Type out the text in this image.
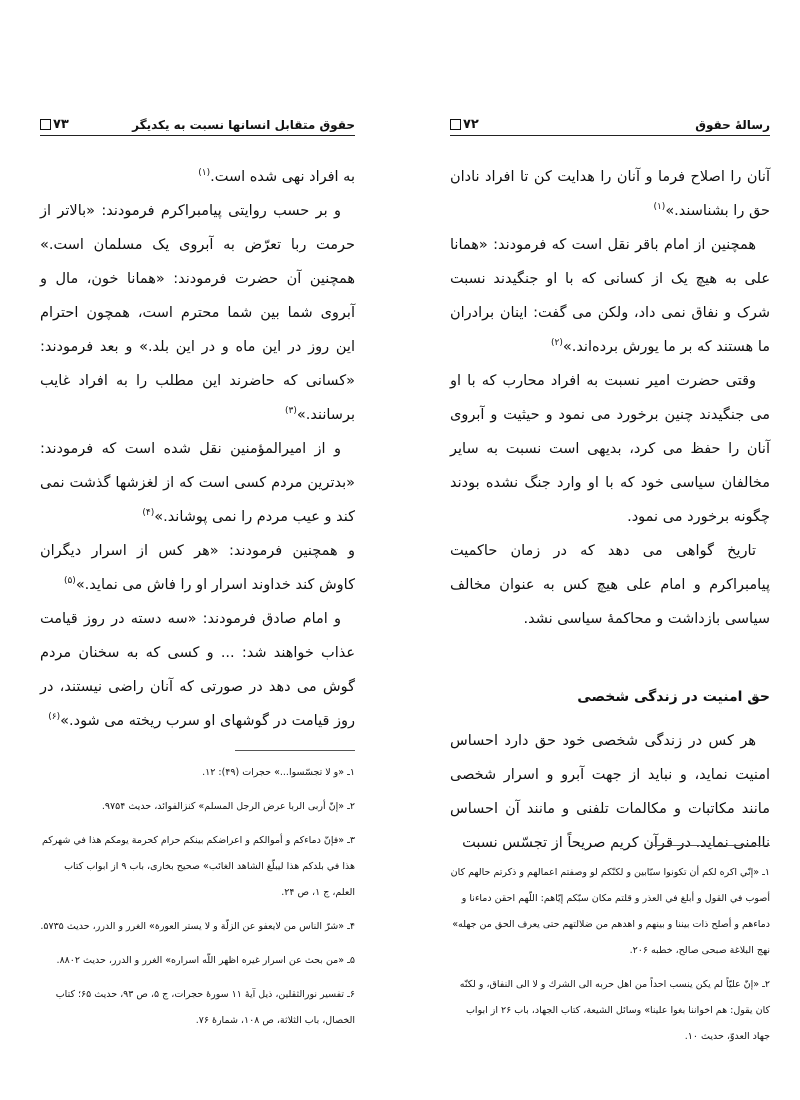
رسالهٔ حقوق
۷۲

آنان را اصلاح فرما و آنان را هدایت کن تا افراد نادان حق را بشناسند.»$^{(۱)}$

همچنین از امام باقر نقل است که فرمودند: «همانا علی به هیچ یک از کسانی که با او جنگیدند نسبت شرک و نفاق نمی داد، ولکن می گفت: اینان برادران ما هستند که بر ما یورش برده‌اند.»$^{(۲)}$

وقتی حضرت امیر نسبت به افراد محارب که با او می جنگیدند چنین برخورد می نمود و حیثیت و آبروی آنان را حفظ می کرد، بدیهی است نسبت به سایر مخالفان سیاسی خود که با او وارد جنگ نشده بودند چگونه برخورد می نمود.

تاریخ گواهی می دهد که در زمان حاکمیت پیامبراکرم و امام علی هیچ کس به عنوان مخالف سیاسی بازداشت و محاکمهٔ سیاسی نشد.

حق امنیت در زندگی شخصی

هر کس در زندگی شخصی خود حق دارد احساس امنیت نماید، و نباید از جهت آبرو و اسرار شخصی مانند مکاتبات و مکالمات تلفنی و مانند آن احساس ناامنی نماید. در قرآن کریم صریحاً از تجسّس نسبت

۱ـ «إنّي اكره لكم أن تكونوا سبّابين و لكنّكم لو وصفتم اعمالهم و ذكرتم حالهم كان أصوب في القول و أبلغ في العذر و قلتم مكان سبّكم إيّاهم: اللّهم احقن دماءنا و دماءهم و أصلح ذات بيننا و بينهم و اهدهم من ضلالتهم حتى يعرف الحق من جهله» نهج البلاغة صبحی صالح، خطبه ۲۰۶.

۲ـ «إنّ عليّاً لم يكن ينسب احداً من اهل حربه الى الشرك و لا الى النفاق، و لكنّه كان يقول: هم اخواننا بغوا علينا» وسائل الشيعة، كتاب الجهاد، باب ۲۶ از ابواب جهاد العدوّ، حديث ۱۰.

حقوق متقابل انسانها نسبت به یکدیگر
۷۳

به افراد نهی شده است.$^{(۱)}$

و بر حسب روایتی پیامبراکرم فرمودند: «بالاتر از حرمت ربا تعرّض به آبروی یک مسلمان است.» همچنین آن حضرت فرمودند: «همانا خون، مال و آبروی شما بین شما محترم است، همچون احترام این روز در این ماه و در این بلد.» و بعد فرمودند: «کسانی که حاضرند این مطلب را به افراد غایب برسانند.»$^{(۳)}$

و از امیرالمؤمنین نقل شده است که فرمودند: «بدترین مردم کسی است که از لغزشها گذشت نمی کند و عیب مردم را نمی پوشاند.»$^{(۴)}$

و همچنین فرمودند: «هر کس از اسرار دیگران کاوش کند خداوند اسرار او را فاش می نماید.»$^{(۵)}$

و امام صادق فرمودند: «سه دسته در روز قیامت عذاب خواهند شد: ... و کسی که به سخنان مردم گوش می دهد در صورتی که آنان راضی نیستند، در روز قیامت در گوشهای او سرب ریخته می شود.»$^{(۶)}$

۱ـ «و لا تجسّسوا...» حجرات (۴۹): ۱۲.

۲ـ «إنّ أربى الربا عرض الرجل المسلم» کنزالفوائد، حدیث ۹۷۵۴.

۳ـ «فإنّ دماءكم و أموالكم و اعراضكم بينكم حرام كحرمة يومكم هذا في شهركم هذا في بلدكم هذا ليبلّغ الشاهد الغائب» صحیح بخاری، باب ۹ از ابواب کتاب العلم، ج ۱، ص ۲۴.

۴ـ «شرّ الناس من لايعفو عن الزلّة و لا يستر العورة» الغرر و الدرر، حدیث ۵۷۳۵.

۵ـ «من بحث عن اسرار غيره اظهر اللّه اسراره» الغرر و الدرر، حدیث ۸۸۰۲.

۶ـ تفسیر نورالثقلین، ذیل آیهٔ ۱۱ سورهٔ حجرات، ج ۵، ص ۹۳، حدیث ۶۵؛ کتاب الخصال، باب الثلاثة، ص ۱۰۸، شمارهٔ ۷۶.
